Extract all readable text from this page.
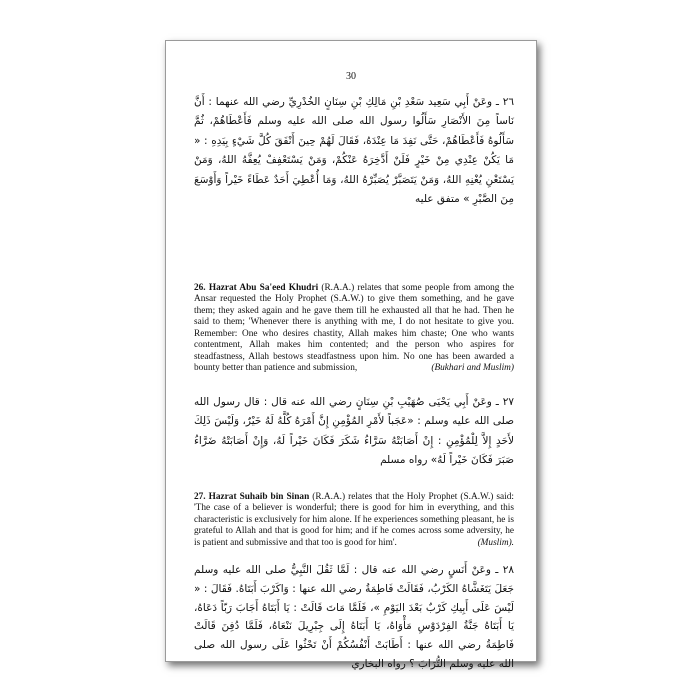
30
٢٦ ـ وعَنْ أَبِي سَعِيد سَعْدِ بْنِ مَالِكِ بْنِ سِنَانٍ الخُدْرِيِّ رضي الله عنهما : أَنَّ نَاساً مِنَ الأَنْصَارِ سَأَلُوا رسول الله صلى الله عليه وسلم فَأَعْطَاهُمْ، ثُمَّ سَأَلُوهُ فَأَعْطَاهُمْ، حَتَّى نَفِدَ مَا عِنْدَهُ، فَقَالَ لَهُمْ حِينَ أَنْفَقَ كُلَّ شَيْءٍ بِيَدِهِ : « مَا يَكُنْ عِنْدِي مِنْ خَيْرٍ فَلَنْ أَدَّخِرَهُ عَنْكُمْ، وَمَنْ يَسْتَعْفِفْ يُعِفَّهُ اللهُ، وَمَنْ يَسْتَغْنِ يُغْنِهِ اللهُ، وَمَنْ يَتَصَبَّرْ يُصَبِّرْهُ اللهُ، وَمَا أُعْطِيَ أَحَدٌ عَطَاءً خَيْراً وَأَوْسَعَ مِنَ الصَّبْرِ » متفق عليه
26. Hazrat Abu Sa'eed Khudri (R.A.A.) relates that some people from among the Ansar requested the Holy Prophet (S.A.W.) to give them something, and he gave them; they asked again and he gave them till he exhausted all that he had. Then he said to them; 'Whenever there is anything with me, I do not hesitate to give you. Remember: One who desires chastity, Allah makes him chaste; One who wants contentment, Allah makes him contented; and the person who aspires for steadfastness, Allah bestows steadfastness upon him. No one has been awarded a bounty better than patience and submission,	(Bukhari and Muslim)
٢٧ ـ وعَنْ أَبِي يَحْيَى صُهَيْبِ بْنِ سِنَانٍ رضي الله عنه قال : قال رسول الله صلى الله عليه وسلم : «عَجَباً لأَمْرِ المُؤْمِنِ إِنَّ أَمْرَهُ كُلَّهُ لَهُ خَيْرٌ، وَلَيْسَ ذَلِكَ لأَحَدٍ إِلاَّ لِلْمُؤْمِنِ : إِنْ أَصَابَتْهُ سَرَّاءُ شَكَرَ فَكَانَ خَيْراً لَهُ، وَإِنْ أَصَابَتْهُ ضَرَّاءُ صَبَرَ فَكَانَ خَيْراً لَهُ» رواه مسلم
27. Hazrat Suhaib bin Sinan (R.A.A.) relates that the Holy Prophet (S.A.W.) said: 'The case of a believer is wonderful; there is good for him in everything, and this characteristic is exclusively for him alone. If he experiences something pleasant, he is grateful to Allah and that is good for him; and if he comes across some adversity, he is patient and submissive and that too is good for him'.	(Muslim).
٢٨ ـ وعَنْ أَنَسٍ رضي الله عنه قال : لَمَّا ثَقُلَ النَّبِيُّ صلى الله عليه وسلم جَعَلَ يَتَغَشَّاهُ الكَرْبُ، فَقَالَتْ فَاطِمَةُ رضي الله عنها : وَاكَرْبَ أَبَتَاهُ. فَقَالَ : « لَيْسَ عَلَى أَبِيكِ كَرْبٌ بَعْدَ اليَوْمِ »، فَلَمَّا مَاتَ قَالَتْ : يَا أَبَتَاهُ أَجَابَ رَبّاً دَعَاهُ، يَا أَبَتَاهُ جَنَّةُ الفِرْدَوْسِ مَأْوَاهُ، يَا أَبَتَاهُ إِلَى جِبْرِيلَ نَنْعَاهُ، فَلَمَّا دُفِنَ قَالَتْ فَاطِمَةُ رضي الله عنها : أَطَابَتْ أَنْفُسُكُمْ أَنْ تَحْثُوا عَلَى رسول الله صلى الله عليه وسلم التُّرَابَ ؟ رواه البخاري
